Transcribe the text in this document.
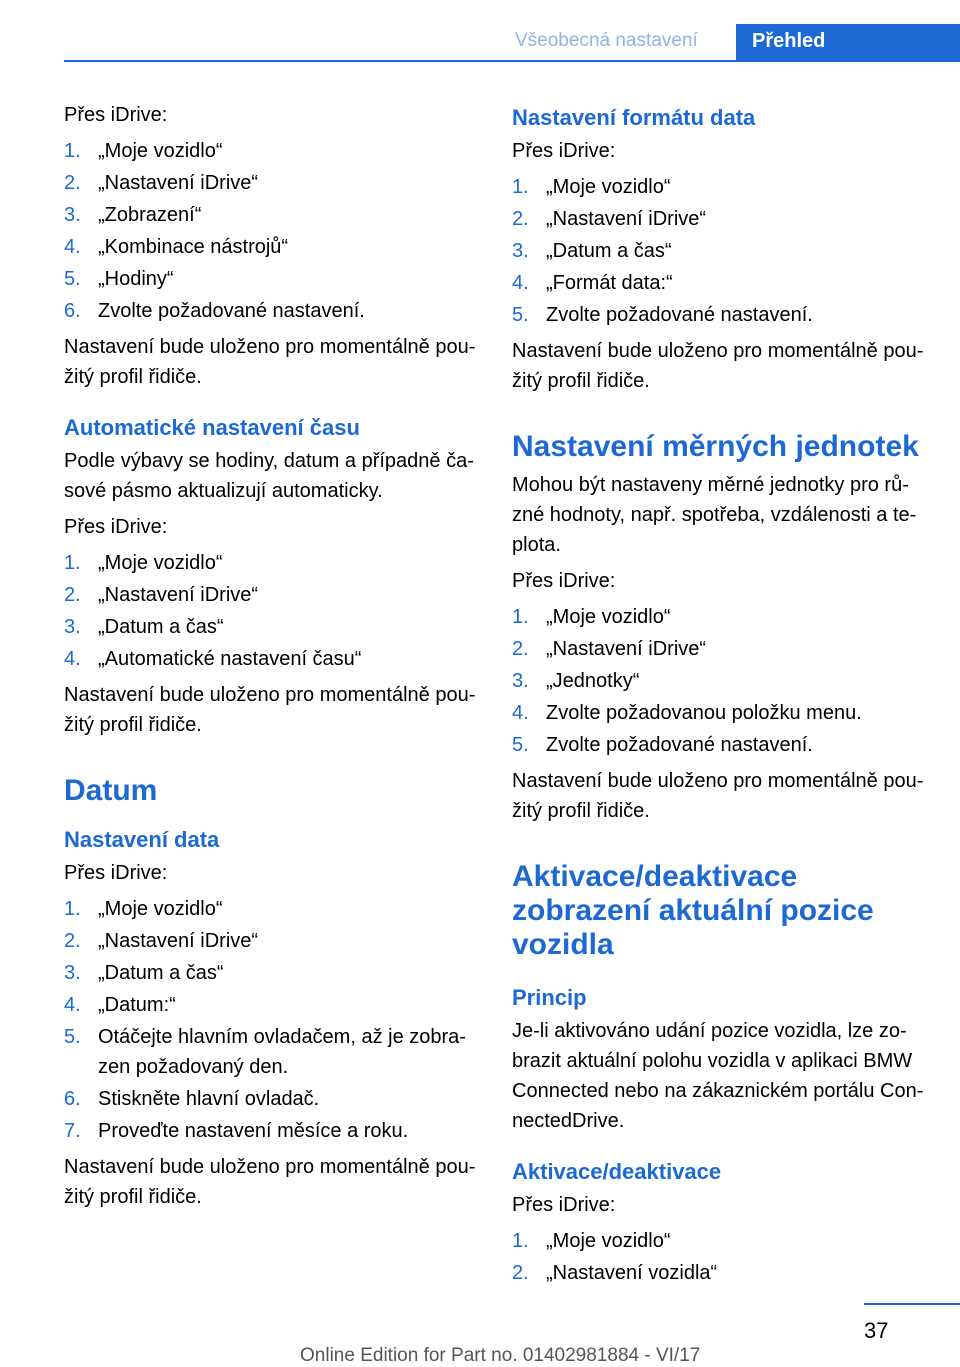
Všeobecná nastavení	Přehled

Přes iDrive:

1. „Moje vozidlo“
2. „Nastavení iDrive“
3. „Zobrazení“
4. „Kombinace nástrojů“
5. „Hodiny“
6. Zvolte požadované nastavení.

Nastavení bude uloženo pro momentálně pou‐žitý profil řidiče.

Automatické nastavení času

Podle výbavy se hodiny, datum a případně ča‐sové pásmo aktualizují automaticky.

Přes iDrive:

1. „Moje vozidlo“
2. „Nastavení iDrive“
3. „Datum a čas“
4. „Automatické nastavení času“

Nastavení bude uloženo pro momentálně pou‐žitý profil řidiče.

Datum
Nastavení data

Přes iDrive:

1. „Moje vozidlo“
2. „Nastavení iDrive“
3. „Datum a čas“
4. „Datum:“
5. Otáčejte hlavním ovladačem, až je zobra‐zen požadovaný den.
6. Stiskněte hlavní ovladač.
7. Proveďte nastavení měsíce a roku.

Nastavení bude uloženo pro momentálně pou‐žitý profil řidiče.

Nastavení formátu data

Přes iDrive:

1. „Moje vozidlo“
2. „Nastavení iDrive“
3. „Datum a čas“
4. „Formát data:“
5. Zvolte požadované nastavení.

Nastavení bude uloženo pro momentálně pou‐žitý profil řidiče.

Nastavení měrných jednotek

Mohou být nastaveny měrné jednotky pro rů‐zné hodnoty, např. spotřeba, vzdálenosti a te‐plota.

Přes iDrive:

1. „Moje vozidlo“
2. „Nastavení iDrive“
3. „Jednotky“
4. Zvolte požadovanou položku menu.
5. Zvolte požadované nastavení.

Nastavení bude uloženo pro momentálně pou‐žitý profil řidiče.

Aktivace/deaktivace zobrazení aktuální pozice vozidla
Princip

Je-li aktivováno udání pozice vozidla, lze zo‐brazit aktuální polohu vozidla v aplikaci BMW Connected nebo na zákaznickém portálu Con‐nectedDrive.

Aktivace/deaktivace

Přes iDrive:

1. „Moje vozidlo“
2. „Nastavení vozidla“
37
Online Edition for Part no. 01402981884 - VI/17
